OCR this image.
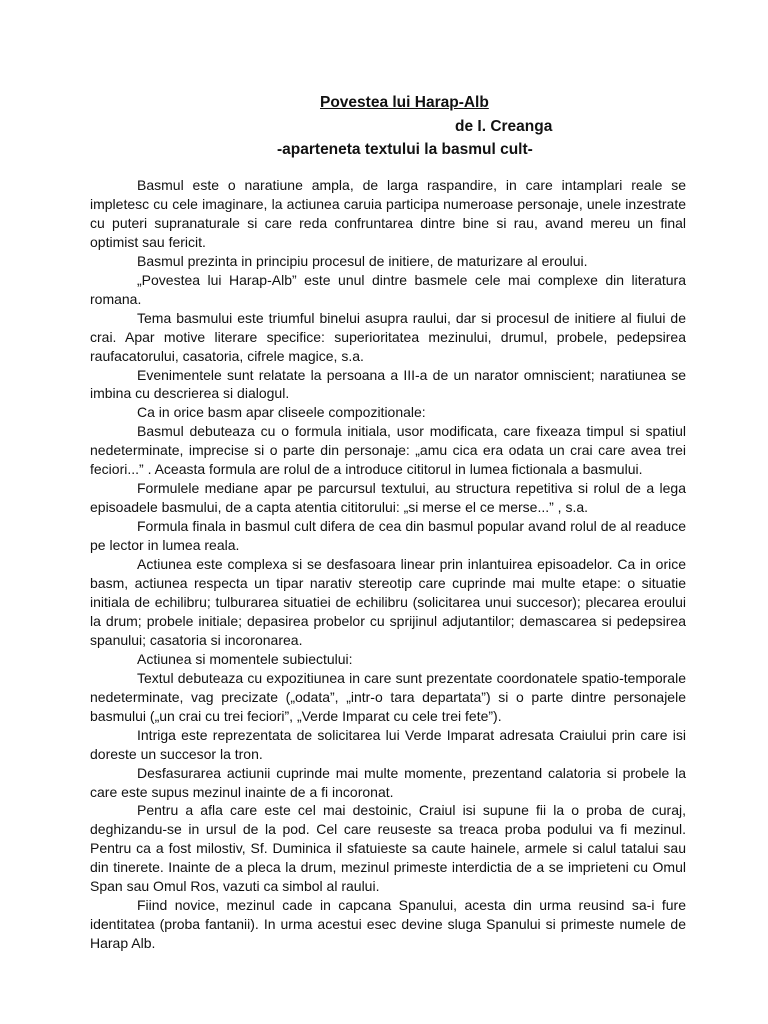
Povestea lui Harap-Alb
de I. Creanga
-aparteneta textului la basmul cult-

Basmul este o naratiune ampla, de larga raspandire, in care intamplari reale se impletesc cu cele imaginare, la actiunea caruia participa numeroase personaje, unele inzestrate cu puteri supranaturale si care reda confruntarea dintre bine si rau, avand mereu un final optimist sau fericit.

Basmul prezinta in principiu procesul de initiere, de maturizare al eroului.

„Povestea lui Harap-Alb” este unul dintre basmele cele mai complexe din literatura romana.

Tema basmului este triumful binelui asupra raului, dar si procesul de initiere al fiului de crai. Apar motive literare specifice: superioritatea mezinului, drumul, probele, pedepsirea raufacatorului, casatoria, cifrele magice, s.a.

Evenimentele sunt relatate la persoana a III-a de un narator omniscient; naratiunea se imbina cu descrierea si dialogul.

Ca in orice basm apar cliseele compozitionale:

Basmul debuteaza cu o formula initiala, usor modificata, care fixeaza timpul si spatiul nedeterminate, imprecise si o parte din personaje: „amu cica era odata un crai care avea trei feciori...” . Aceasta formula are rolul de a introduce cititorul in lumea fictionala a basmului.

Formulele mediane apar pe parcursul textului, au structura repetitiva si rolul de a lega episoadele basmului, de a capta atentia cititorului: „si merse el ce merse...” , s.a.

Formula finala in basmul cult difera de cea din basmul popular avand rolul de al readuce pe lector in lumea reala.

Actiunea este complexa si se desfasoara linear prin inlantuirea episoadelor. Ca in orice basm, actiunea respecta un tipar narativ stereotip care cuprinde mai multe etape: o situatie initiala de echilibru; tulburarea situatiei de echilibru (solicitarea unui succesor); plecarea eroului la drum; probele initiale; depasirea probelor cu sprijinul adjutantilor; demascarea si pedepsirea spanului; casatoria si incoronarea.

Actiunea si momentele subiectului:

Textul debuteaza cu expozitiunea in care sunt prezentate coordonatele spatio-temporale nedeterminate, vag precizate („odata”, „intr-o tara departata”) si o parte dintre personajele basmului („un crai cu trei feciori”, „Verde Imparat cu cele trei fete”).

Intriga este reprezentata de solicitarea lui Verde Imparat adresata Craiului prin care isi doreste un succesor la tron.

Desfasurarea actiunii cuprinde mai multe momente, prezentand calatoria si probele la care este supus mezinul inainte de a fi incoronat.

Pentru a afla care este cel mai destoinic, Craiul isi supune fii la o proba de curaj, deghizandu-se in ursul de la pod. Cel care reuseste sa treaca proba podului va fi mezinul. Pentru ca a fost milostiv, Sf. Duminica il sfatuieste sa caute hainele, armele si calul tatalui sau din tinerete. Inainte de a pleca la drum, mezinul primeste interdictia de a se imprieteni cu Omul Span sau Omul Ros, vazuti ca simbol al raului.

Fiind novice, mezinul cade in capcana Spanului, acesta din urma reusind sa-i fure identitatea (proba fantanii). In urma acestui esec devine sluga Spanului si primeste numele de Harap Alb.
